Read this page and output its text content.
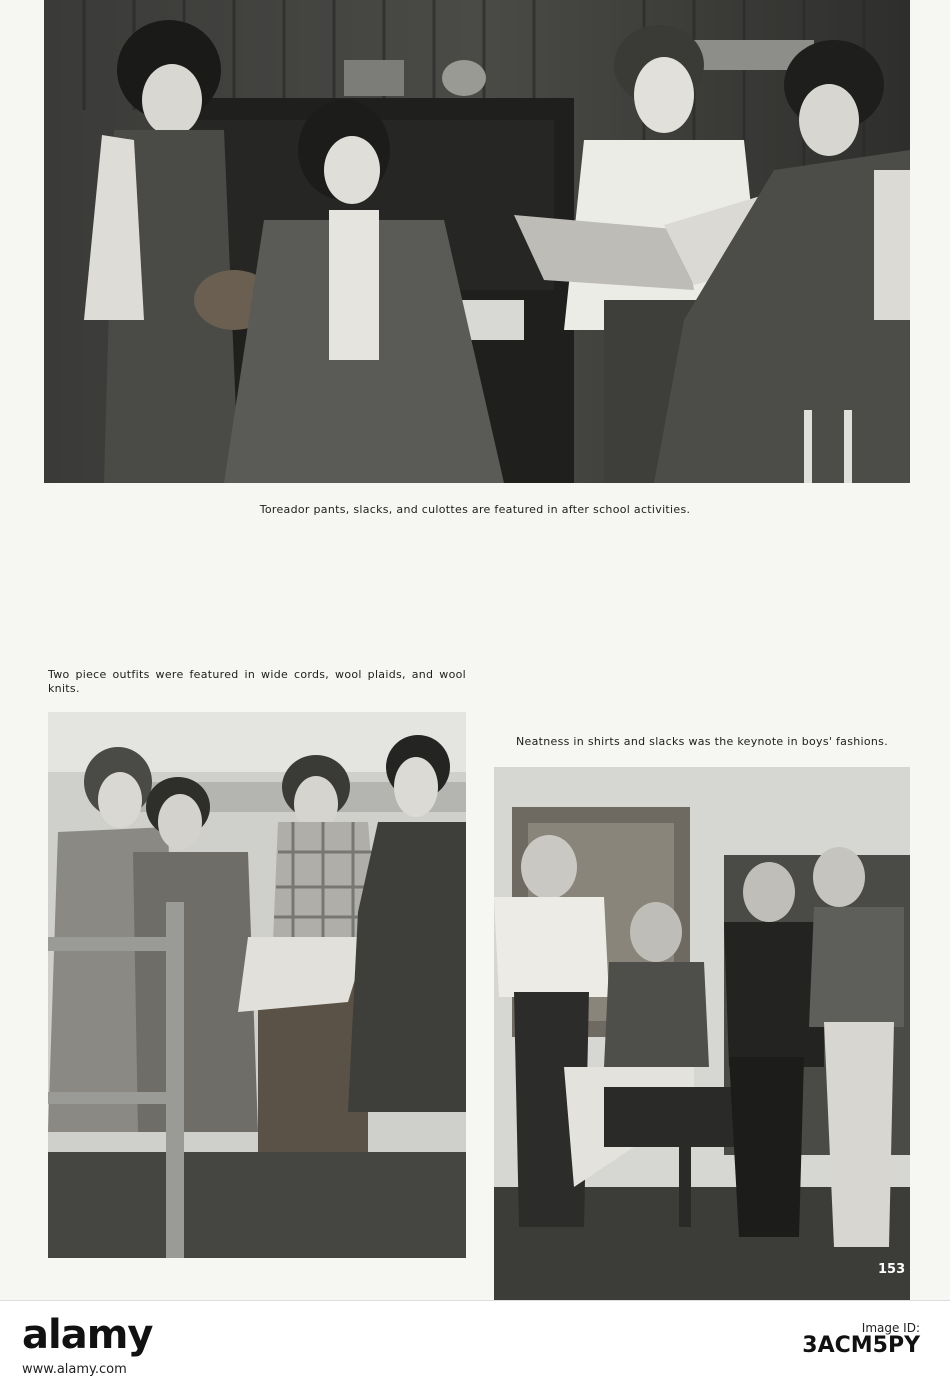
Toreador pants, slacks, and culottes are featured in after school activities.
Two piece outfits were featured in wide cords, wool plaids, and wool knits.
Neatness in shirts and slacks was the keynote in boys' fashions.
153
alamy
www.alamy.com
Image ID:
3ACM5PY
